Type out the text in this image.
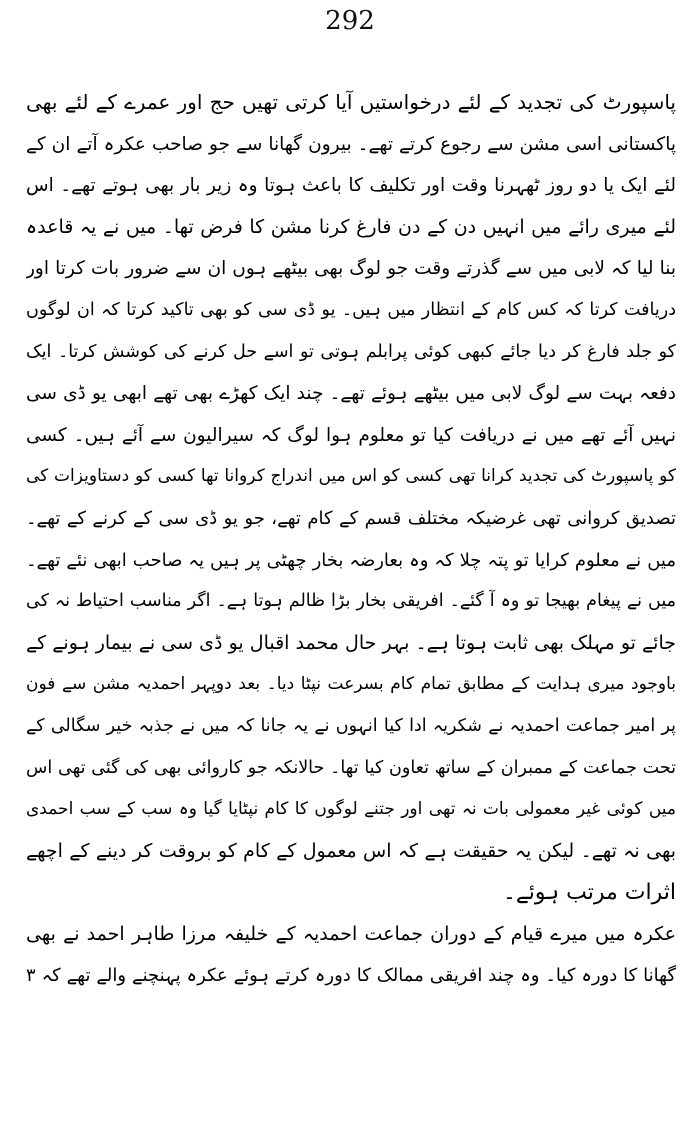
292
پاسپورٹ کی تجدید کے لئے درخواستیں آیا کرتی تھیں حج اور عمرے کے لئے بھی
پاکستانی اسی مشن سے رجوع کرتے تھے۔ بیرون گھانا سے جو صاحب عکرہ آتے ان کے
لئے ایک یا دو روز ٹھہرنا وقت اور تکلیف کا باعث ہوتا وہ زیر بار بھی ہوتے تھے۔ اس
لئے میری رائے میں انہیں دن کے دن فارغ کرنا مشن کا فرض تھا۔ میں نے یہ قاعدہ
بنا لیا کہ لابی میں سے گذرتے وقت جو لوگ بھی بیٹھے ہوں ان سے ضرور بات کرتا اور
دریافت کرتا کہ کس کام کے انتظار میں ہیں۔ یو ڈی سی کو بھی تاکید کرتا کہ ان لوگوں
کو جلد فارغ کر دیا جائے کبھی کوئی پرابلم ہوتی تو اسے حل کرنے کی کوشش کرتا۔ ایک
دفعہ بہت سے لوگ لابی میں بیٹھے ہوئے تھے۔ چند ایک کھڑے بھی تھے ابھی یو ڈی سی
نہیں آئے تھے میں نے دریافت کیا تو معلوم ہوا لوگ کہ سیرالیون سے آئے ہیں۔ کسی
کو پاسپورٹ کی تجدید کرانا تھی کسی کو اس میں اندراج کروانا تھا کسی کو دستاویزات کی
تصدیق کروانی تھی غرضیکہ مختلف قسم کے کام تھے، جو یو ڈی سی کے کرنے کے تھے۔
میں نے معلوم کرایا تو پتہ چلا کہ وہ بعارضہ بخار چھٹی پر ہیں یہ صاحب ابھی نئے تھے۔
میں نے پیغام بھیجا تو وہ آ گئے۔ افریقی بخار بڑا ظالم ہوتا ہے۔ اگر مناسب احتیاط نہ کی
جائے تو مہلک بھی ثابت ہوتا ہے۔ بہر حال محمد اقبال یو ڈی سی نے بیمار ہونے کے
باوجود میری ہدایت کے مطابق تمام کام بسرعت نپٹا دیا۔ بعد دوپہر احمدیہ مشن سے فون
پر امیر جماعت احمدیہ نے شکریہ ادا کیا انہوں نے یہ جانا کہ میں نے جذبہ خیر سگالی کے
تحت جماعت کے ممبران کے ساتھ تعاون کیا تھا۔ حالانکہ جو کاروائی بھی کی گئی تھی اس
میں کوئی غیر معمولی بات نہ تھی اور جتنے لوگوں کا کام نپٹایا گیا وہ سب کے سب احمدی
بھی نہ تھے۔ لیکن یہ حقیقت ہے کہ اس معمول کے کام کو بروقت کر دینے کے اچھے
اثرات مرتب ہوئے۔
عکرہ میں میرے قیام کے دوران جماعت احمدیہ کے خلیفہ مرزا طاہر احمد نے بھی
گھانا کا دورہ کیا۔ وہ چند افریقی ممالک کا دورہ کرتے ہوئے عکرہ پہنچنے والے تھے کہ ۳
